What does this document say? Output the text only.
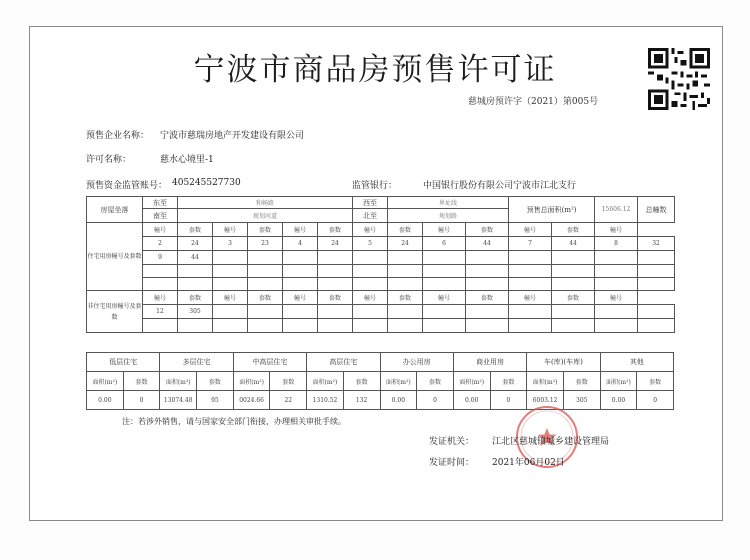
宁波市商品房预售许可证
慈城房预许字（2021）第005号
预售企业名称： 宁波市慈瑞房地产开发建设有限公司
许可名称：	慈水心境里-1
预售资金监管账号： 405245527730	监管银行：	中国银行股份有限公司宁波市江北支行
房屋坐落	东至	和畅路					西至	界址线			预售总面积(m²)		15606.12	总幢数	
	南至	规划河道					北至	规划路							
住宅用房幢号及套数	幢号	套数	幢号	套数	幢号	套数	幢号	套数	幢号	套数	幢号	套数	幢号		
	2	24	3	23	4	24	5	24	6	44	7	44	8	32	
	9	44													

非住宅用房幢号及套数	幢号	套数	幢号	套数	幢号	套数	幢号	套数	幢号	套数	幢号	套数	幢号		
	12	305													

低层住宅		多层住宅		中高层住宅		高层住宅		办公用房		商业用房		车(库)(车库)		其他	
面积(m²)	套数	面积(m²)	套数	面积(m²)	套数	面积(m²)	套数	面积(m²)	套数	面积(m²)	套数	面积(m²)	套数	面积(m²)	套数
0.00	0	13074.48	95	0024.66	22	1310.52	132	0.00	0	0.00	0	6003.12	305	0.00	0
注：若涉外销售，请与国家安全部门衔接，办理相关审批手续。
发证机关： 江北区慈城镇城乡建设管理局
发证时间： 2021年06月02日
